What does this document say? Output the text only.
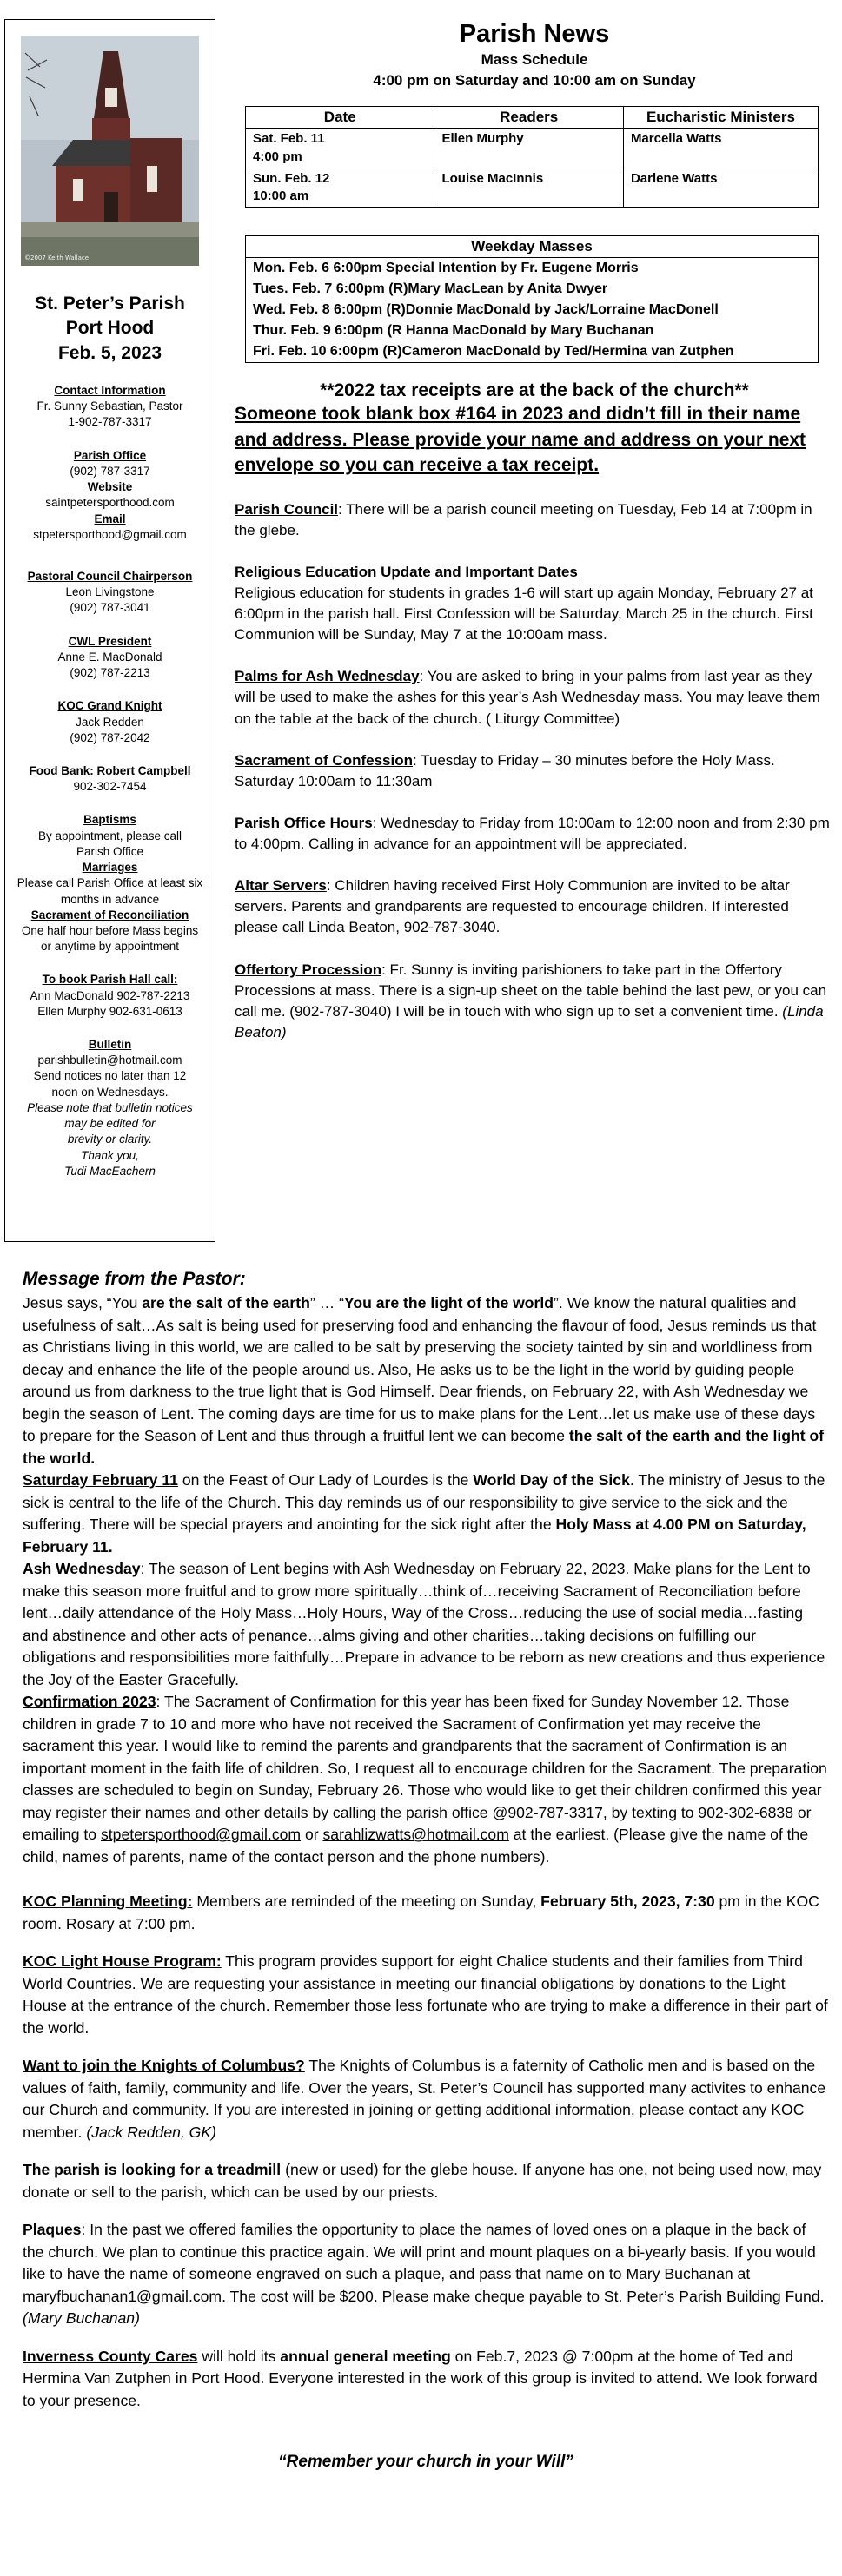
©2007 Keith Wallace
St. Peter’s Parish
Port Hood
Feb. 5, 2023
Contact Information
Fr. Sunny Sebastian, Pastor
1-902-787-3317
Parish Office
(902) 787-3317
Website
saintpetersporthood.com
Email
stpetersporthood@gmail.com
Pastoral Council Chairperson
Leon Livingstone
(902) 787-3041
CWL President
Anne E. MacDonald
(902) 787-2213
KOC Grand Knight
Jack Redden
(902) 787-2042
Food Bank: Robert Campbell
902-302-7454
Baptisms
By appointment, please call
Parish Office
Marriages
Please call Parish Office at least six
months in advance
Sacrament of Reconciliation
One half hour before Mass begins
or anytime by appointment
To book Parish Hall call:
Ann MacDonald 902-787-2213
Ellen Murphy 902-631-0613
Bulletin
parishbulletin@hotmail.com
Send notices no later than 12
noon on Wednesdays.
Please note that bulletin notices
may be edited for
brevity or clarity.
Thank you,
Tudi MacEachern
Parish News
Mass Schedule
4:00 pm on Saturday and 10:00 am on Sunday
Date	Readers	Eucharistic Ministers

Sat. Feb. 11
4:00 pm	Ellen Murphy	Marcella Watts

Sun. Feb. 12
10:00 am	Louise MacInnis	Darlene Watts
Weekday Masses
Mon. Feb. 6 6:00pm Special Intention by Fr. Eugene Morris
Tues. Feb. 7 6:00pm (R)Mary MacLean by Anita Dwyer
Wed. Feb. 8 6:00pm (R)Donnie MacDonald by Jack/Lorraine MacDonell
Thur. Feb. 9 6:00pm (R Hanna MacDonald by Mary Buchanan
Fri. Feb. 10 6:00pm (R)Cameron MacDonald by Ted/Hermina van Zutphen
**2022 tax receipts are at the back of the church**
Someone took blank box #164 in 2023 and didn’t fill in their name and address. Please provide your name and address on your next envelope so you can receive a tax receipt.
Parish Council: There will be a parish council meeting on Tuesday, Feb 14 at 7:00pm in the glebe.
Religious Education Update and Important Dates
Religious education for students in grades 1-6 will start up again Monday, February 27 at 6:00pm in the parish hall. First Confession will be Saturday, March 25 in the church. First Communion will be Sunday, May 7 at the 10:00am mass.
Palms for Ash Wednesday: You are asked to bring in your palms from last year as they will be used to make the ashes for this year’s Ash Wednesday mass. You may leave them on the table at the back of the church. ( Liturgy Committee)
Sacrament of Confession: Tuesday to Friday – 30 minutes before the Holy Mass. Saturday 10:00am to 11:30am
Parish Office Hours: Wednesday to Friday from 10:00am to 12:00 noon and from 2:30 pm to 4:00pm. Calling in advance for an appointment will be appreciated.
Altar Servers: Children having received First Holy Communion are invited to be altar servers. Parents and grandparents are requested to encourage children. If interested please call Linda Beaton, 902-787-3040.
Offertory Procession: Fr. Sunny is inviting parishioners to take part in the Offertory Processions at mass. There is a sign-up sheet on the table behind the last pew, or you can call me. (902-787-3040) I will be in touch with who sign up to set a convenient time. (Linda Beaton)

Message from the Pastor:

Jesus says, “You are the salt of the earth” … “You are the light of the world”. We know the natural qualities and usefulness of salt…As salt is being used for preserving food and enhancing the flavour of food, Jesus reminds us that as Christians living in this world, we are called to be salt by preserving the society tainted by sin and worldliness from decay and enhance the life of the people around us. Also, He asks us to be the light in the world by guiding people around us from darkness to the true light that is God Himself. Dear friends, on February 22, with Ash Wednesday we begin the season of Lent. The coming days are time for us to make plans for the Lent…let us make use of these days to prepare for the Season of Lent and thus through a fruitful lent we can become the salt of the earth and the light of the world.

Saturday February 11 on the Feast of Our Lady of Lourdes is the World Day of the Sick. The ministry of Jesus to the sick is central to the life of the Church. This day reminds us of our responsibility to give service to the sick and the suffering. There will be special prayers and anointing for the sick right after the Holy Mass at 4.00 PM on Saturday, February 11.

Ash Wednesday: The season of Lent begins with Ash Wednesday on February 22, 2023. Make plans for the Lent to make this season more fruitful and to grow more spiritually…think of…receiving Sacrament of Reconciliation before lent…daily attendance of the Holy Mass…Holy Hours, Way of the Cross…reducing the use of social media…fasting and abstinence and other acts of penance…alms giving and other charities…taking decisions on fulfilling our obligations and responsibilities more faithfully…Prepare in advance to be reborn as new creations and thus experience the Joy of the Easter Gracefully.

Confirmation 2023: The Sacrament of Confirmation for this year has been fixed for Sunday November 12. Those children in grade 7 to 10 and more who have not received the Sacrament of Confirmation yet may receive the sacrament this year. I would like to remind the parents and grandparents that the sacrament of Confirmation is an important moment in the faith life of children. So, I request all to encourage children for the Sacrament. The preparation classes are scheduled to begin on Sunday, February 26. Those who would like to get their children confirmed this year may register their names and other details by calling the parish office @902-787-3317, by texting to 902-302-6838 or emailing to stpetersporthood@gmail.com or sarahlizwatts@hotmail.com at the earliest. (Please give the name of the child, names of parents, name of the contact person and the phone numbers).

KOC Planning Meeting: Members are reminded of the meeting on Sunday, February 5th, 2023, 7:30 pm in the KOC room. Rosary at 7:00 pm.

KOC Light House Program: This program provides support for eight Chalice students and their families from Third World Countries. We are requesting your assistance in meeting our financial obligations by donations to the Light House at the entrance of the church. Remember those less fortunate who are trying to make a difference in their part of the world.

Want to join the Knights of Columbus? The Knights of Columbus is a faternity of Catholic men and is based on the values of faith, family, community and life. Over the years, St. Peter’s Council has supported many activites to enhance our Church and community. If you are interested in joining or getting additional information, please contact any KOC member. (Jack Redden, GK)

The parish is looking for a treadmill (new or used) for the glebe house. If anyone has one, not being used now, may donate or sell to the parish, which can be used by our priests.

Plaques: In the past we offered families the opportunity to place the names of loved ones on a plaque in the back of the church. We plan to continue this practice again. We will print and mount plaques on a bi-yearly basis. If you would like to have the name of someone engraved on such a plaque, and pass that name on to Mary Buchanan at maryfbuchanan1@gmail.com. The cost will be $200. Please make cheque payable to St. Peter’s Parish Building Fund. (Mary Buchanan)

Inverness County Cares will hold its annual general meeting on Feb.7, 2023 @ 7:00pm at the home of Ted and Hermina Van Zutphen in Port Hood. Everyone interested in the work of this group is invited to attend. We look forward to your presence.

“Remember your church in your Will”
